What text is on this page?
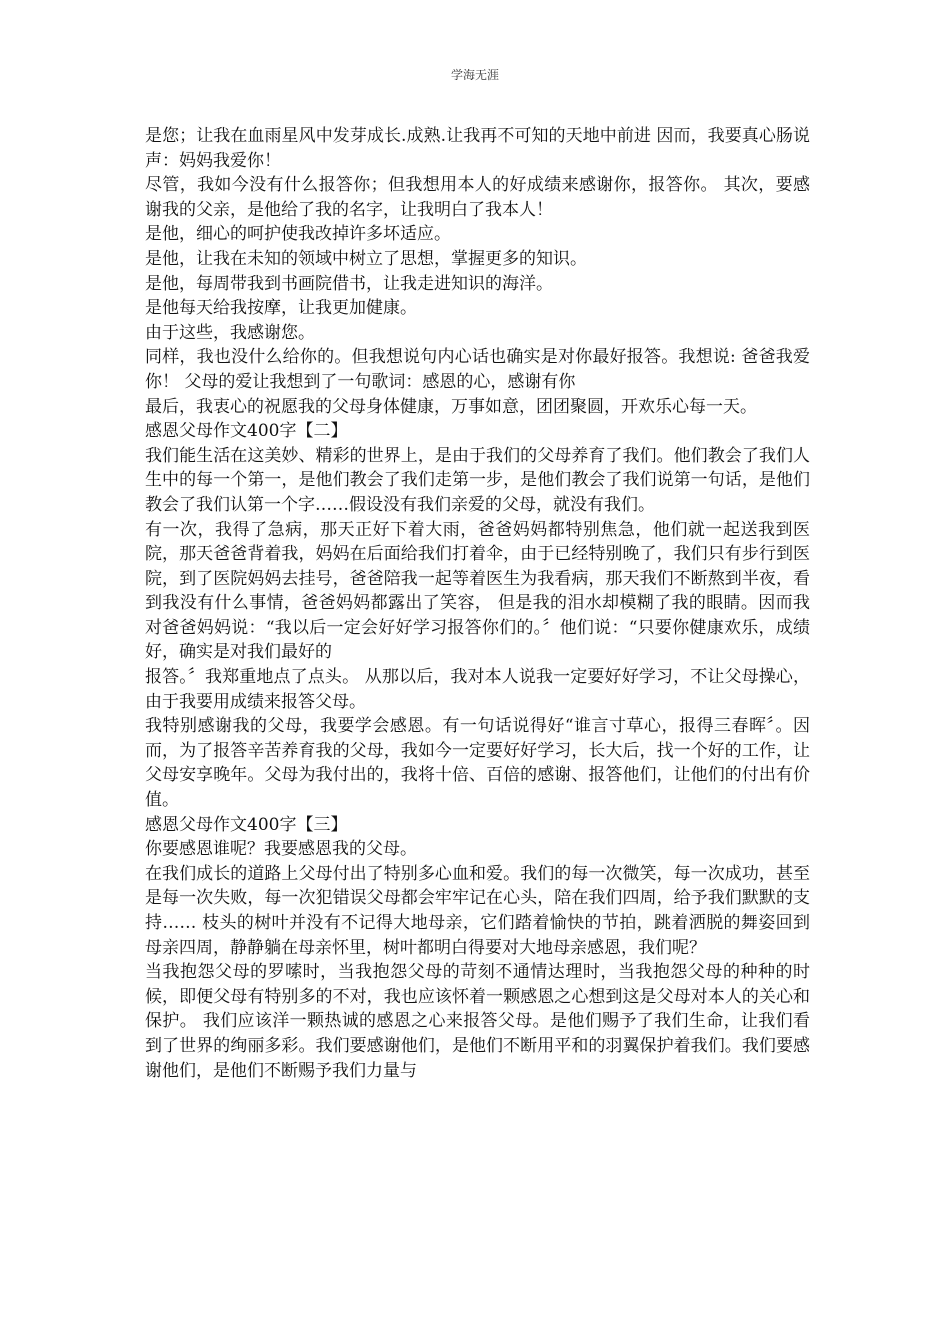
学海无涯

是您；让我在血雨星风中发芽成长.成熟.让我再不可知的天地中前进 因而，我要真心肠说声：妈妈我爱你！

尽管，我如今没有什么报答你；但我想用本人的好成绩来感谢你，报答你。 其次，要感谢我的父亲，是他给了我的名字，让我明白了我本人！

是他，细心的呵护使我改掉许多坏适应。

是他，让我在未知的领域中树立了思想，掌握更多的知识。

是他，每周带我到书画院借书，让我走进知识的海洋。

是他每天给我按摩，让我更加健康。

由于这些，我感谢您。

同样，我也没什么给你的。但我想说句内心话也确实是对你最好报答。我想说: 爸爸我爱你！ 父母的爱让我想到了一句歌词：感恩的心，感谢有你

最后，我衷心的祝愿我的父母身体健康，万事如意，团团聚圆，开欢乐心每一天。

感恩父母作文400字【二】

我们能生活在这美妙、精彩的世界上，是由于我们的父母养育了我们。他们教会了我们人生中的每一个第一，是他们教会了我们走第一步，是他们教会了我们说第一句话，是他们教会了我们认第一个字……假设没有我们亲爱的父母，就没有我们。

有一次，我得了急病，那天正好下着大雨，爸爸妈妈都特别焦急，他们就一起送我到医院，那天爸爸背着我，妈妈在后面给我们打着伞，由于已经特别晚了，我们只有步行到医院，到了医院妈妈去挂号，爸爸陪我一起等着医生为我看病，那天我们不断熬到半夜，看到我没有什么事情，爸爸妈妈都露出了笑容， 但是我的泪水却模糊了我的眼睛。因而我对爸爸妈妈说：“我以后一定会好好学习报答你们的。〞他们说：“只要你健康欢乐，成绩好，确实是对我们最好的

报答。〞我郑重地点了点头。 从那以后，我对本人说我一定要好好学习，不让父母操心，由于我要用成绩来报答父母。

我特别感谢我的父母，我要学会感恩。有一句话说得好“谁言寸草心，报得三春晖〞。因而，为了报答辛苦养育我的父母，我如今一定要好好学习，长大后，找一个好的工作，让父母安享晚年。父母为我付出的，我将十倍、百倍的感谢、报答他们，让他们的付出有价值。

感恩父母作文400字【三】

你要感恩谁呢？我要感恩我的父母。

在我们成长的道路上父母付出了特别多心血和爱。我们的每一次微笑，每一次成功，甚至是每一次失败，每一次犯错误父母都会牢牢记在心头，陪在我们四周，给予我们默默的支持…… 枝头的树叶并没有不记得大地母亲，它们踏着愉快的节拍，跳着洒脱的舞姿回到母亲四周，静静躺在母亲怀里，树叶都明白得要对大地母亲感恩，我们呢？

当我抱怨父母的罗嗦时，当我抱怨父母的苛刻不通情达理时，当我抱怨父母的种种的时候，即便父母有特别多的不对，我也应该怀着一颗感恩之心想到这是父母对本人的关心和保护。 我们应该洋一颗热诚的感恩之心来报答父母。是他们赐予了我们生命，让我们看到了世界的绚丽多彩。我们要感谢他们，是他们不断用平和的羽翼保护着我们。我们要感谢他们，是他们不断赐予我们力量与
